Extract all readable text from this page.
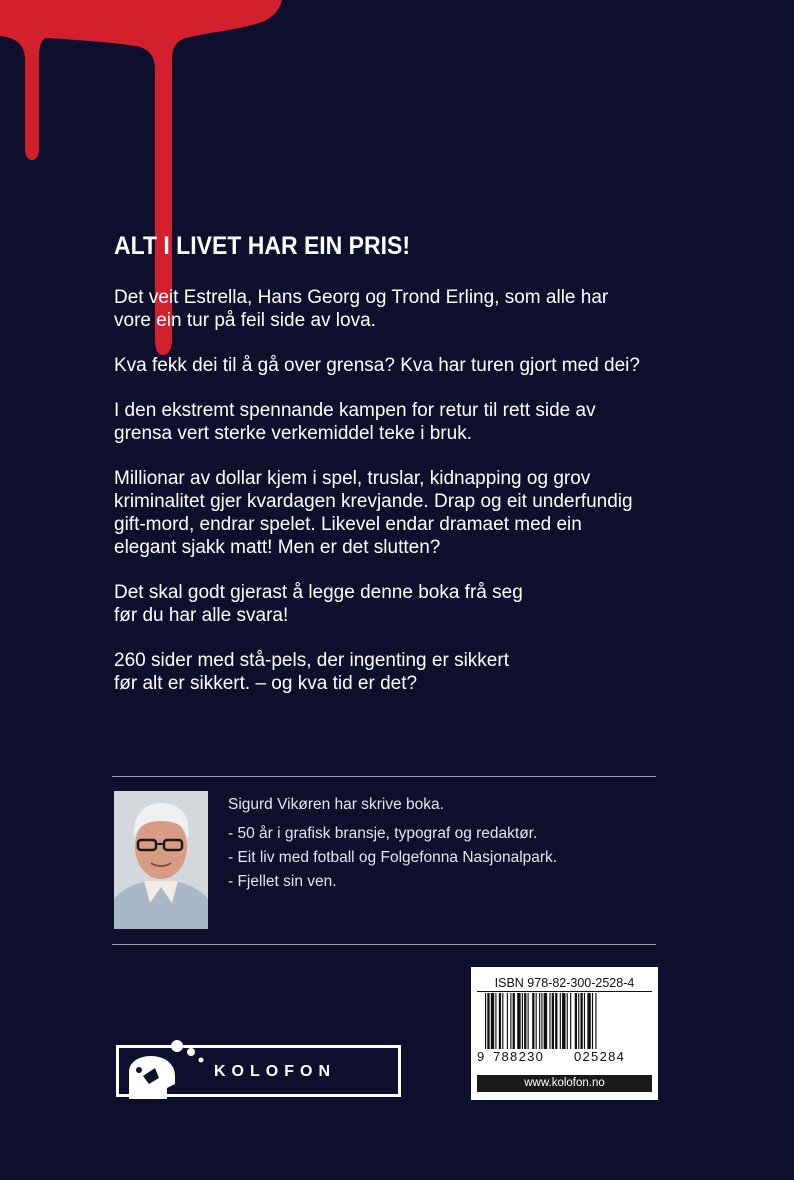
ALT I LIVET HAR EIN PRIS!

Det veit Estrella, Hans Georg og Trond Erling, som alle har
vore ein tur på feil side av lova.

Kva fekk dei til å gå over grensa? Kva har turen gjort med dei?

I den ekstremt spennande kampen for retur til rett side av
grensa vert sterke verkemiddel teke i bruk.

Millionar av dollar kjem i spel, truslar, kidnapping og grov
kriminalitet gjer kvardagen krevjande. Drap og eit underfundig
gift-mord, endrar spelet. Likevel endar dramaet med ein
elegant sjakk matt! Men er det slutten?

Det skal godt gjerast å legge denne boka frå seg
før du har alle svara!

260 sider med stå-pels, der ingenting er sikkert
før alt er sikkert. – og kva tid er det?

Sigurd Vikøren har skrive boka.

- 50 år i grafisk bransje, typograf og redaktør.
- Eit liv med fotball og Folgefonna Nasjonalpark.
- Fjellet sin ven.
KOLOFON
ISBN 978-82-300-2528-4
9 788230 025284
www.kolofon.no
